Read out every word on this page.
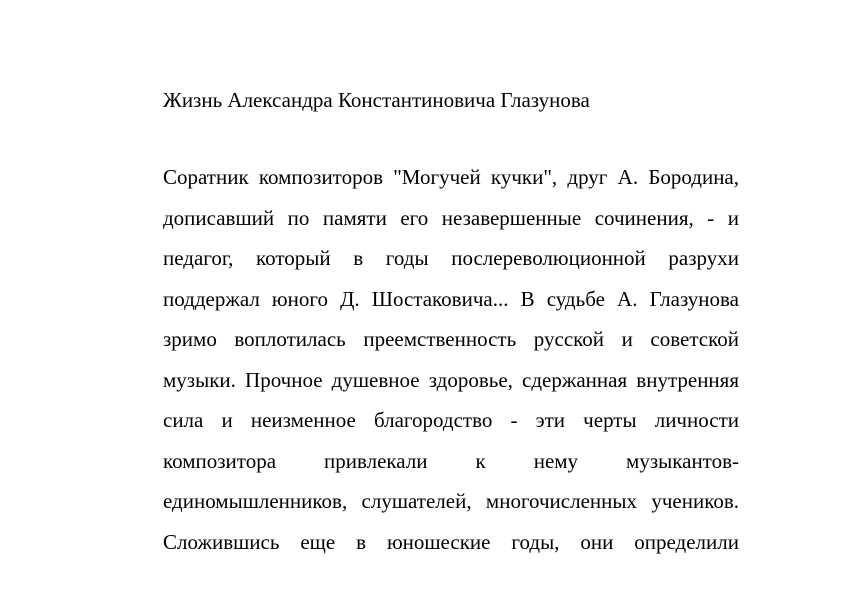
Жизнь Александра Константиновича Глазунова
Соратник композиторов "Могучей кучки", друг А. Бородина,
дописавший по памяти его незавершенные сочинения, - и
педагог, который в годы послереволюционной разрухи
поддержал юного Д. Шостаковича... В судьбе А. Глазунова
зримо воплотилась преемственность русской и советской
музыки. Прочное душевное здоровье, сдержанная внутренняя
сила и неизменное благородство - эти черты личности
композитора привлекали к нему музыкантов-
единомышленников, слушателей, многочисленных учеников.
Сложившись еще в юношеские годы, они определили
